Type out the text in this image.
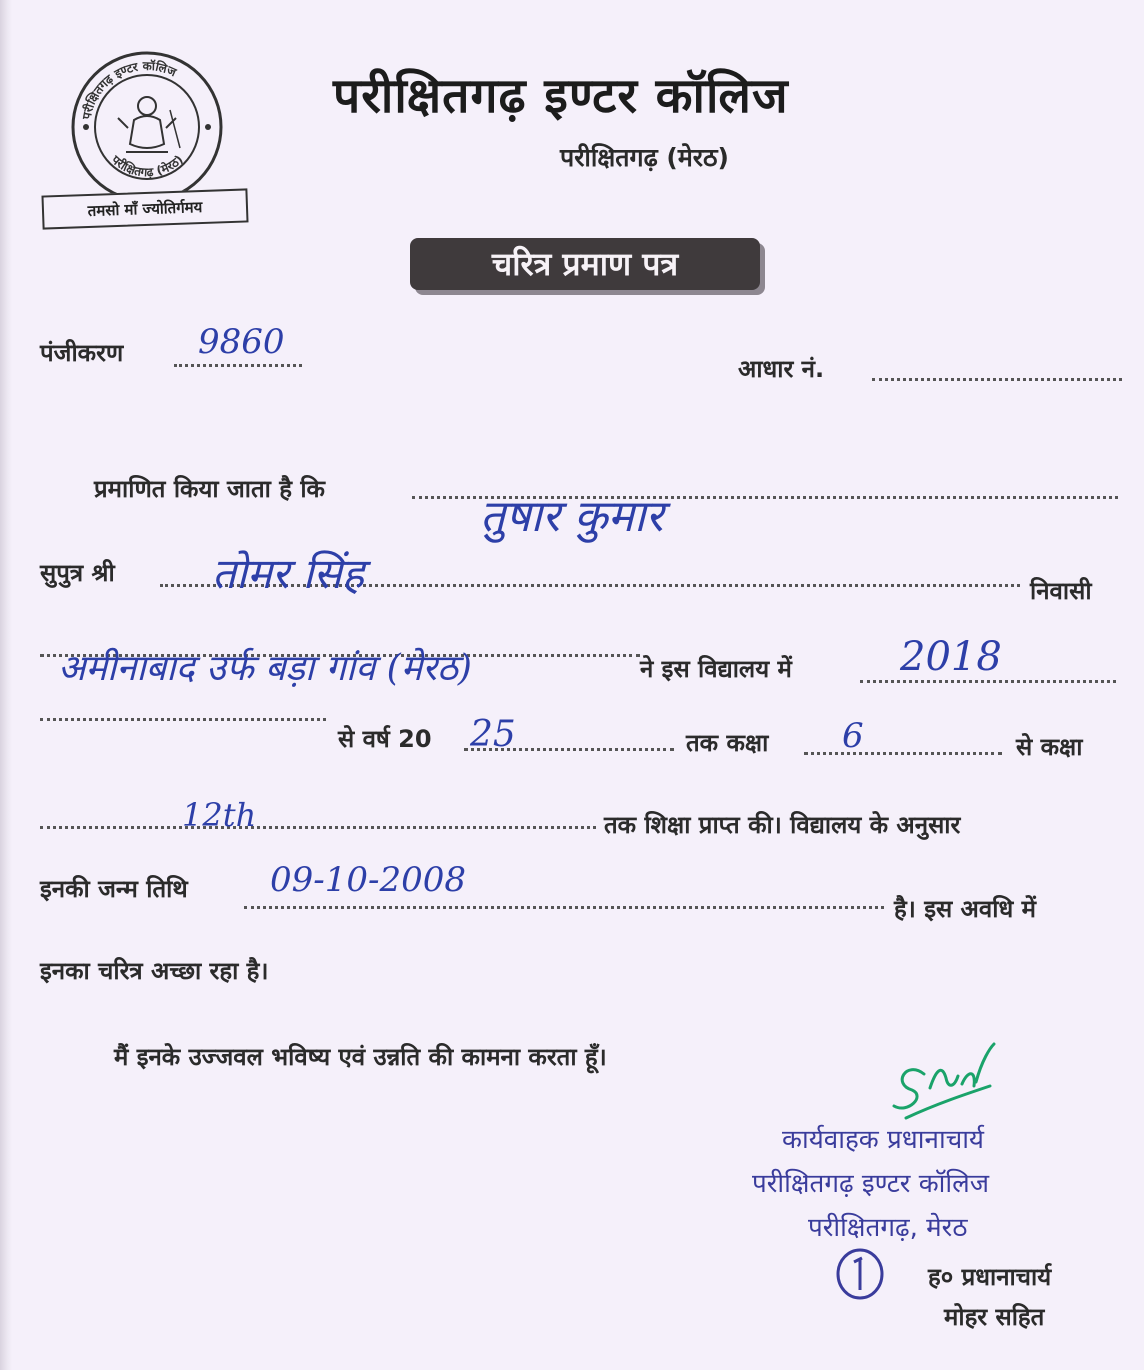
परीक्षितगढ़ इण्टर कॉलिज
परीक्षितगढ़ (मेरठ)
तमसो माँ ज्योतिर्गमय
परीक्षितगढ़ इण्टर कॉलिज
परीक्षितगढ़ (मेरठ)
चरित्र प्रमाण पत्र
पंजीकरण 9860
आधार नं.
प्रमाणित किया जाता है कि
तुषार कुमार
सुपुत्र श्री तोमर सिंह	निवासी
अमीनाबाद उर्फ बड़ा गांव (मेरठ)	ने इस विद्यालय में	2018
से वर्ष 20 25	तक कक्षा 6	से कक्षा
12th	तक शिक्षा प्राप्त की। विद्यालय के अनुसार
इनकी जन्म तिथि 09-10-2008
है। इस अवधि में
इनका चरित्र अच्छा रहा है।
मैं इनके उज्जवल भविष्य एवं उन्नति की कामना करता हूँ।
कार्यवाहक प्रधानाचार्य
परीक्षितगढ़ इण्टर कॉलिज
परीक्षितगढ़, मेरठ
ह० प्रधानाचार्य
मोहर सहित
